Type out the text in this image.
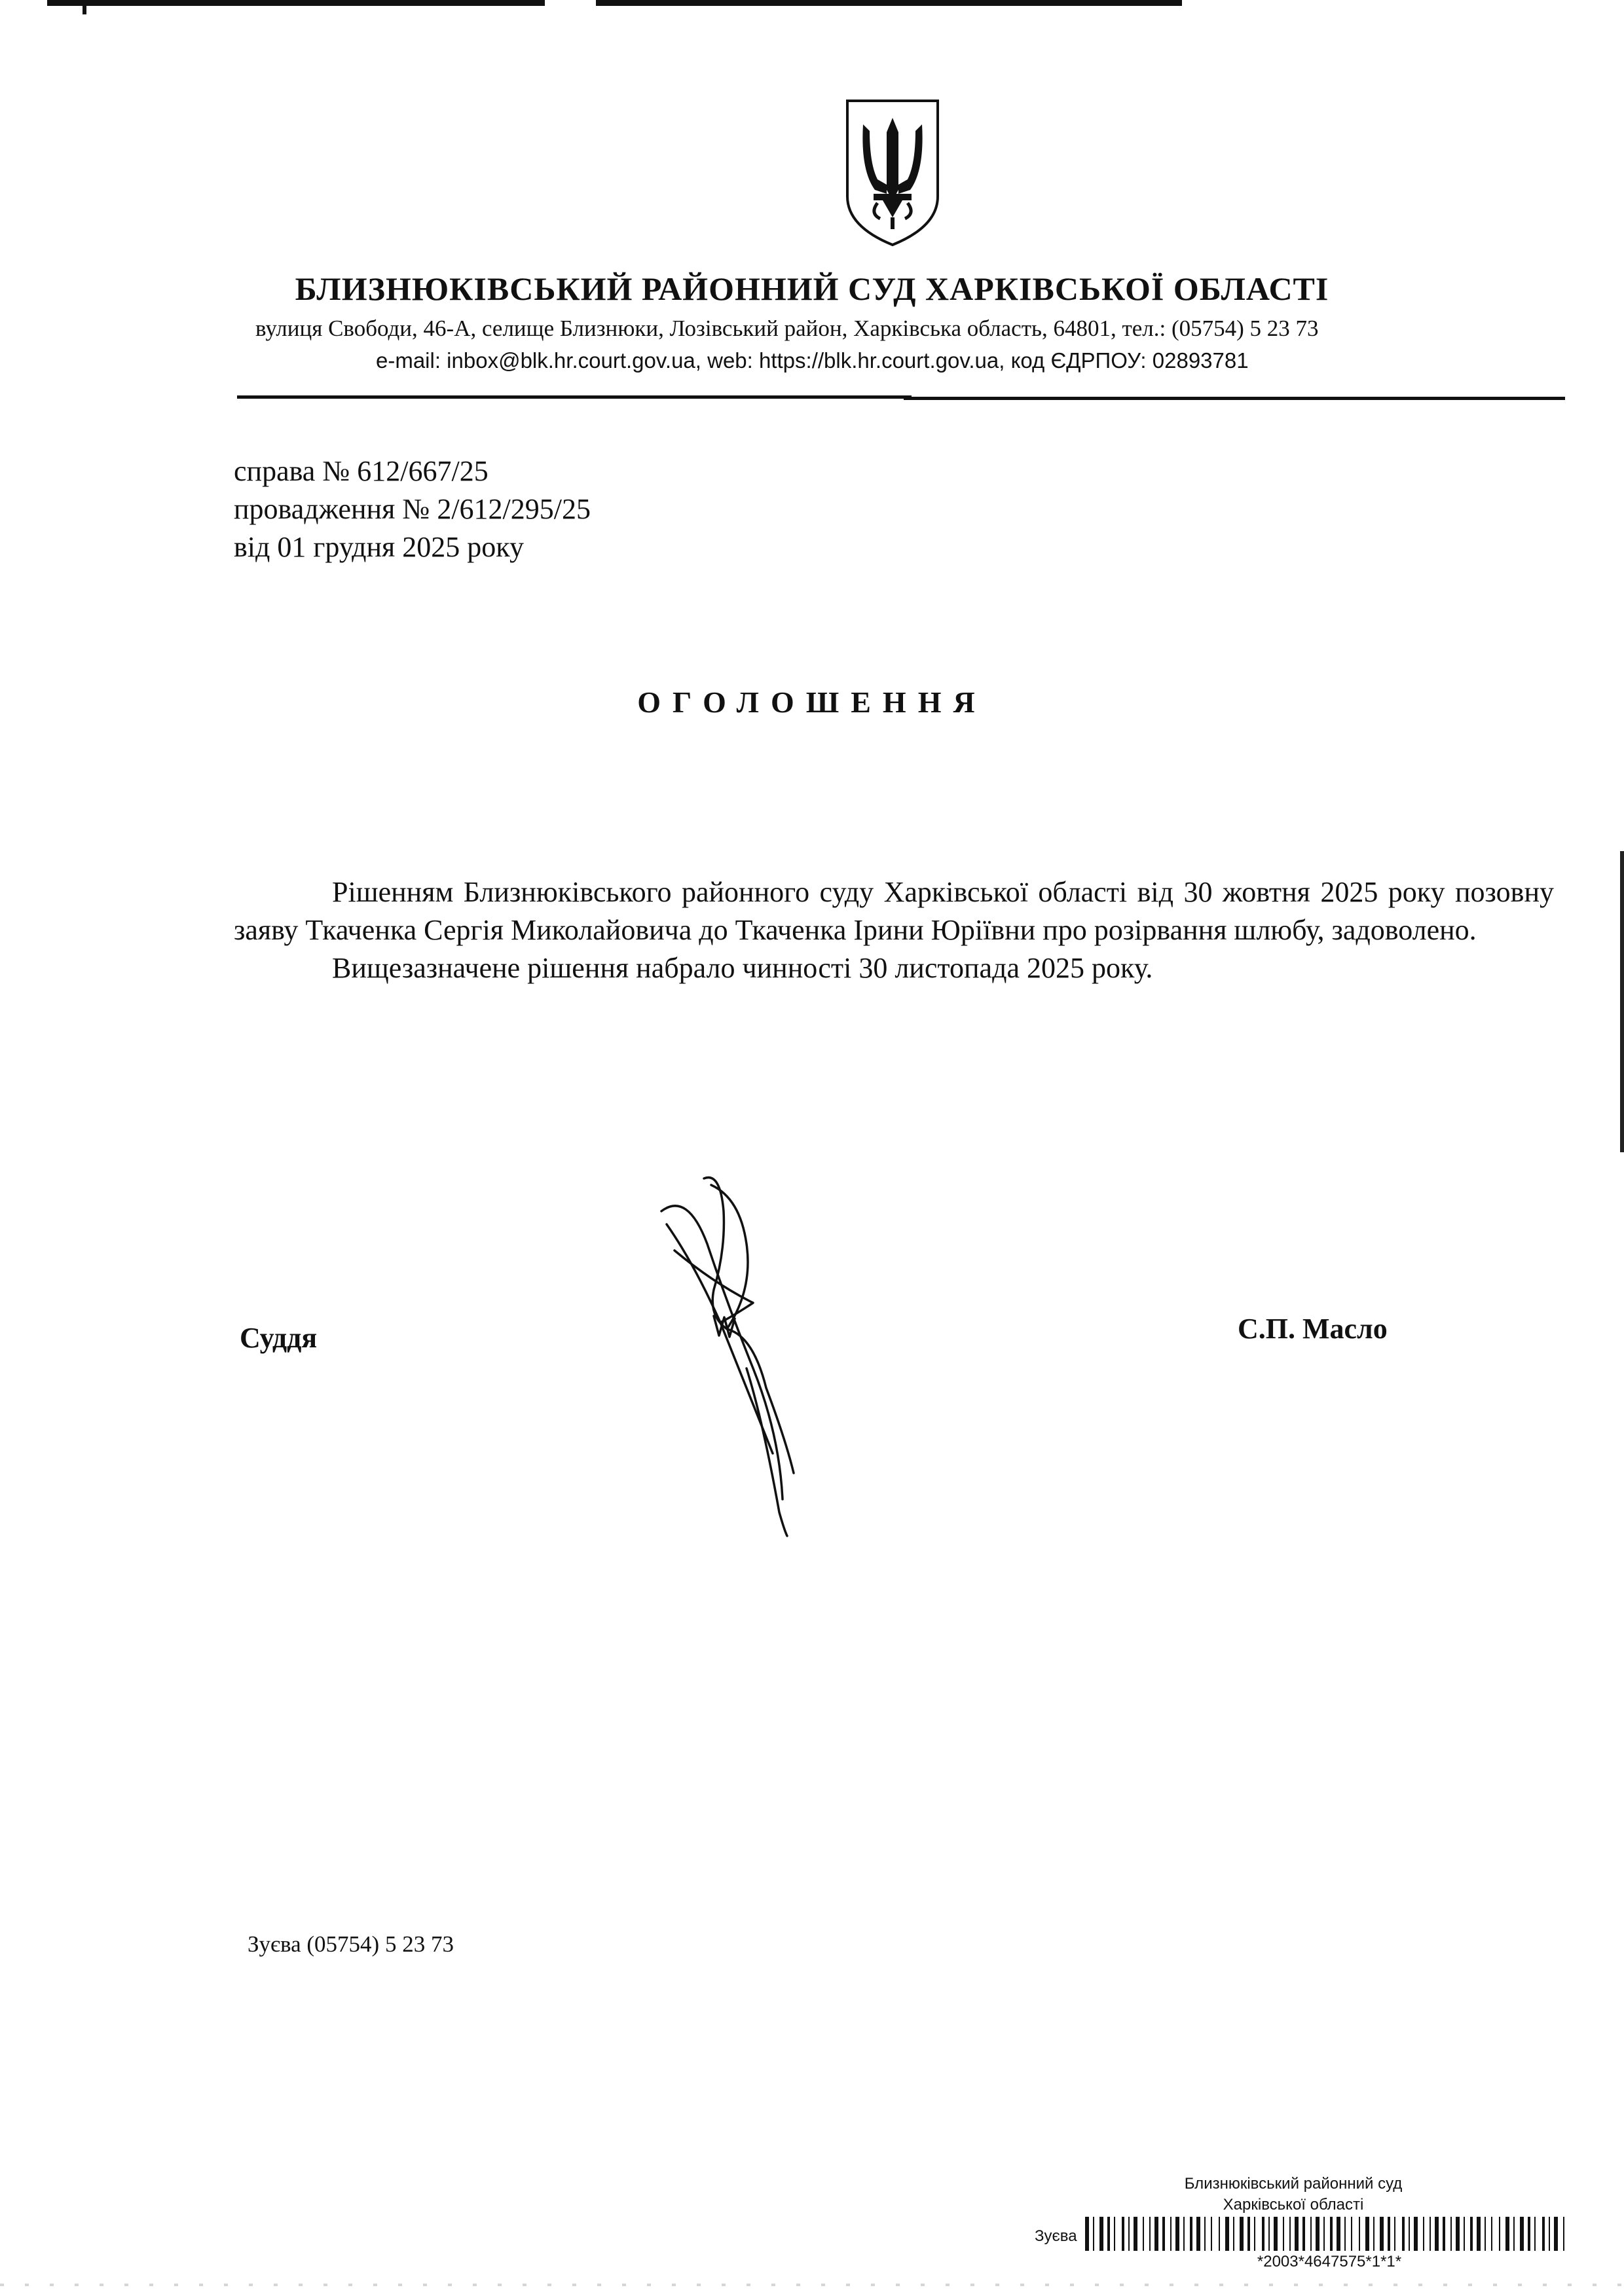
БЛИЗНЮКІВСЬКИЙ РАЙОННИЙ СУД ХАРКІВСЬКОЇ ОБЛАСТІ
вулиця Свободи, 46-А, селище Близнюки, Лозівський район, Харківська область, 64801, тел.: (05754) 5 23 73
e-mail: inbox@blk.hr.court.gov.ua, web: https://blk.hr.court.gov.ua, код ЄДРПОУ: 02893781
справа № 612/667/25
провадження № 2/612/295/25
від 01 грудня 2025 року
ОГОЛОШЕННЯ

Рішенням Близнюківського районного суду Харківської області від 30 жовтня 2025 року позовну заяву Ткаченка Сергія Миколайовича до Ткаченка Ірини Юріївни про розірвання шлюбу, задоволено.

Вищезазначене рішення набрало чинності 30 листопада 2025 року.

Суддя	С.П. Масло
Зуєва (05754) 5 23 73
Близнюківський районний суд
Харківської області
Зуєва
*2003*4647575*1*1*
